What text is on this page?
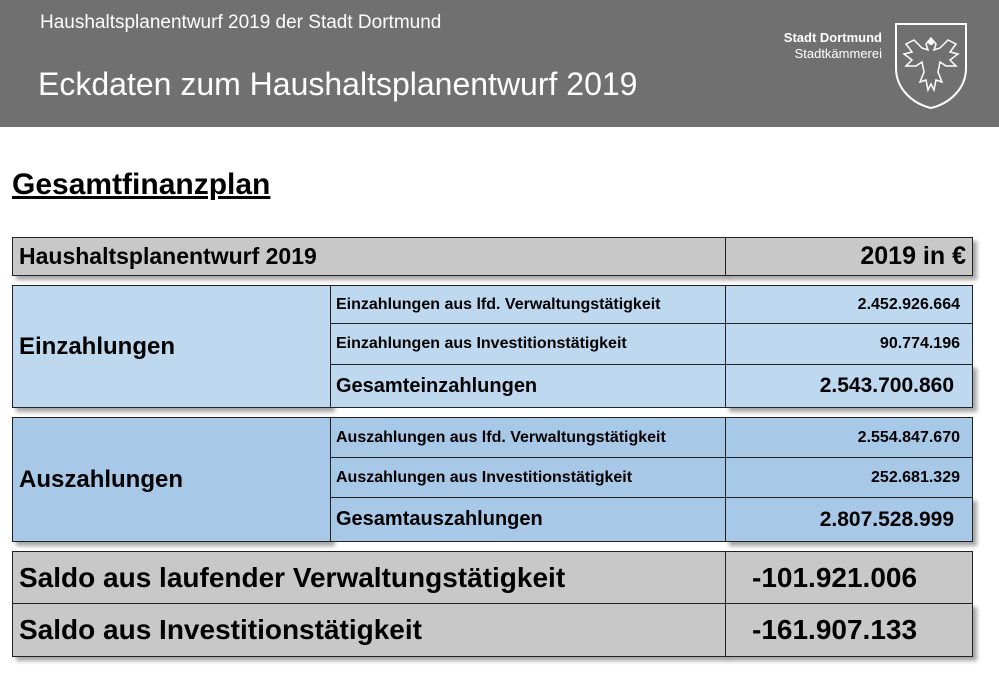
Haushaltsplanentwurf 2019 der Stadt Dortmund
Eckdaten zum Haushaltsplanentwurf 2019
Stadt Dortmund
Stadtkämmerei
Gesamtfinanzplan
Haushaltsplanentwurf 2019	2019 in €
Einzahlungen
Einzahlungen aus lfd. Verwaltungstätigkeit	2.452.926.664
Einzahlungen aus Investitionstätigkeit	90.774.196
Gesamteinzahlungen	2.543.700.860
Auszahlungen
Auszahlungen aus lfd. Verwaltungstätigkeit	2.554.847.670
Auszahlungen aus Investitionstätigkeit	252.681.329
Gesamtauszahlungen	2.807.528.999
Saldo aus laufender Verwaltungstätigkeit	-101.921.006
Saldo aus Investitionstätigkeit	-161.907.133
